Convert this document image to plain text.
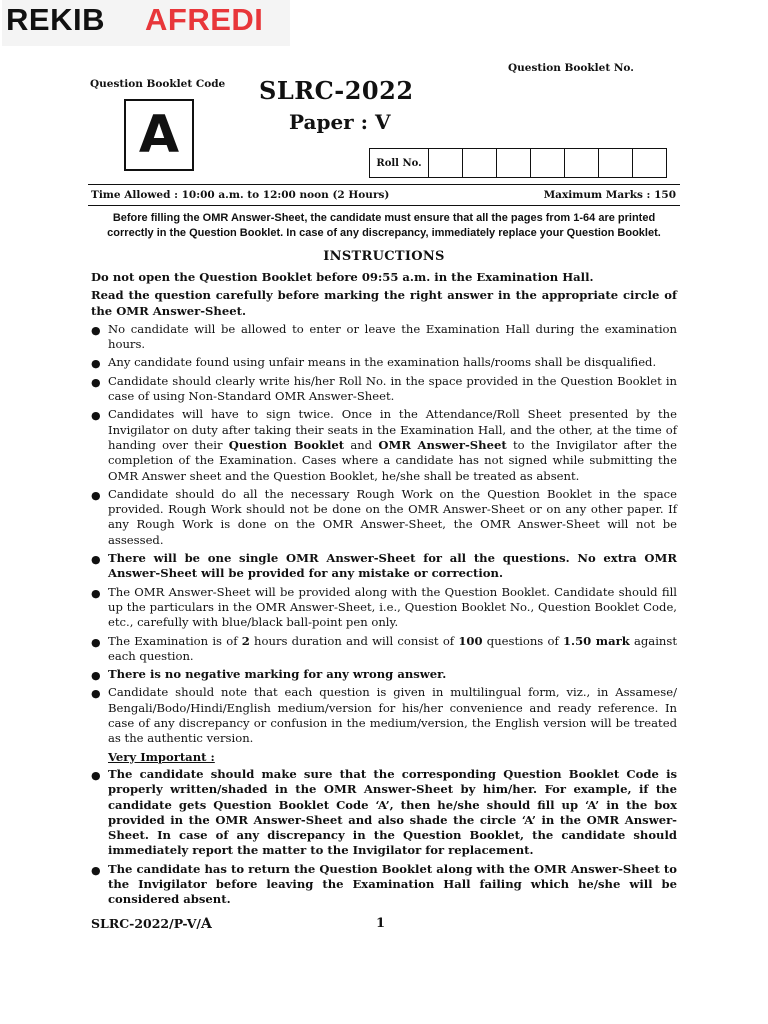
REKIB AFREDI
Question Booklet No.
Question Booklet Code SLRC-2022
Paper : V
A	Roll No.							
Time Allowed : 10:00 a.m. to 12:00 noon (2 Hours)	Maximum Marks : 150
Before filling the OMR Answer-Sheet, the candidate must ensure that all the pages from 1-64 are printed correctly in the Question Booklet. In case of any discrepancy, immediately replace your Question Booklet.
INSTRUCTIONS

Do not open the Question Booklet before 09:55 a.m. in the Examination Hall.

Read the question carefully before marking the right answer in the appropriate circle of the OMR Answer-Sheet.

● No candidate will be allowed to enter or leave the Examination Hall during the examination hours.
● Any candidate found using unfair means in the examination halls/rooms shall be disqualified.
● Candidate should clearly write his/her Roll No. in the space provided in the Question Booklet in case of using Non-Standard OMR Answer-Sheet.
● Candidates will have to sign twice. Once in the Attendance/Roll Sheet presented by the Invigilator on duty after taking their seats in the Examination Hall, and the other, at the time of handing over their Question Booklet and OMR Answer-Sheet to the Invigilator after the completion of the Examination. Cases where a candidate has not signed while submitting the OMR Answer sheet and the Question Booklet, he/she shall be treated as absent.
● Candidate should do all the necessary Rough Work on the Question Booklet in the space provided. Rough Work should not be done on the OMR Answer-Sheet or on any other paper. If any Rough Work is done on the OMR Answer-Sheet, the OMR Answer-Sheet will not be assessed.
● There will be one single OMR Answer-Sheet for all the questions. No extra OMR Answer-Sheet will be provided for any mistake or correction.
● The OMR Answer-Sheet will be provided along with the Question Booklet. Candidate should fill up the particulars in the OMR Answer-Sheet, i.e., Question Booklet No., Question Booklet Code, etc., carefully with blue/black ball-point pen only.
● The Examination is of 2 hours duration and will consist of 100 questions of 1.50 mark against each question.
● There is no negative marking for any wrong answer.
● Candidate should note that each question is given in multilingual form, viz., in Assamese/ Bengali/Bodo/Hindi/English medium/version for his/her convenience and ready reference. In case of any discrepancy or confusion in the medium/version, the English version will be treated as the authentic version.
Very Important :
● The candidate should make sure that the corresponding Question Booklet Code is properly written/shaded in the OMR Answer-Sheet by him/her. For example, if the candidate gets Question Booklet Code ‘A’, then he/she should fill up ‘A’ in the box provided in the OMR Answer-Sheet and also shade the circle ‘A’ in the OMR Answer-Sheet. In case of any discrepancy in the Question Booklet, the candidate should immediately report the matter to the Invigilator for replacement.
● The candidate has to return the Question Booklet along with the OMR Answer-Sheet to the Invigilator before leaving the Examination Hall failing which he/she will be considered absent.
SLRC-2022/P-V/A	1
